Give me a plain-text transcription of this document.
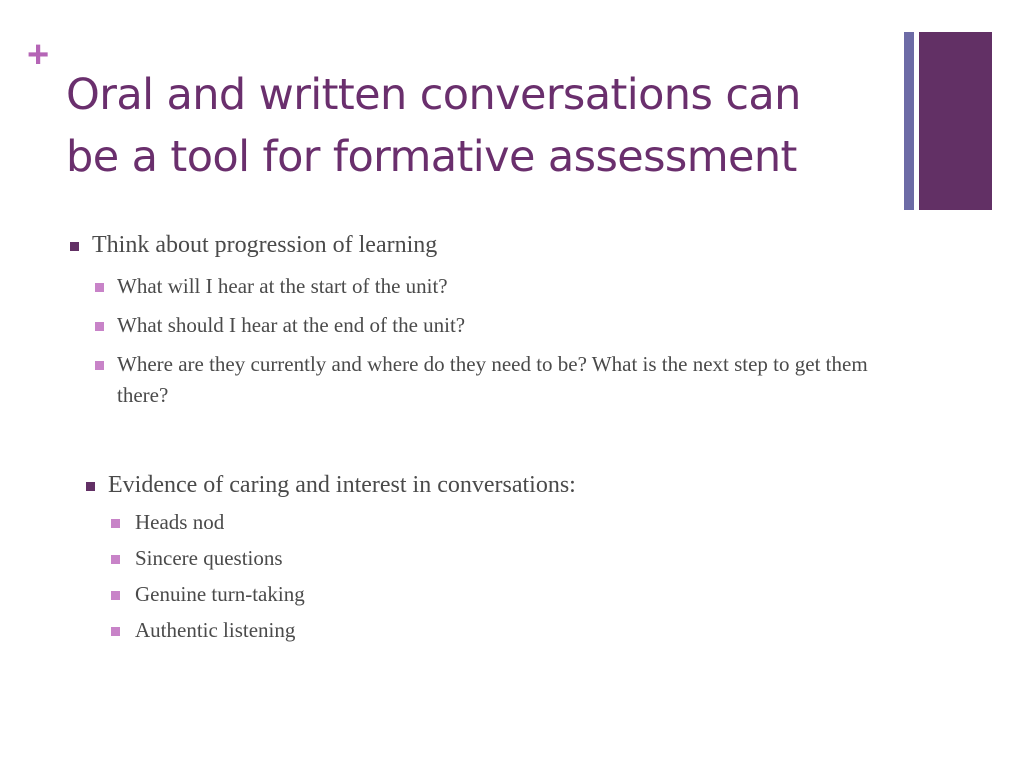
+
Oral and written conversations can
be a tool for formative assessment
Think about progression of learning
What will I hear at the start of the unit?
What should I hear at the end of the unit?
Where are they currently and where do they need to be? What is the next step to get them there?
Evidence of caring and interest in conversations:
Heads nod
Sincere questions
Genuine turn-taking
Authentic listening
